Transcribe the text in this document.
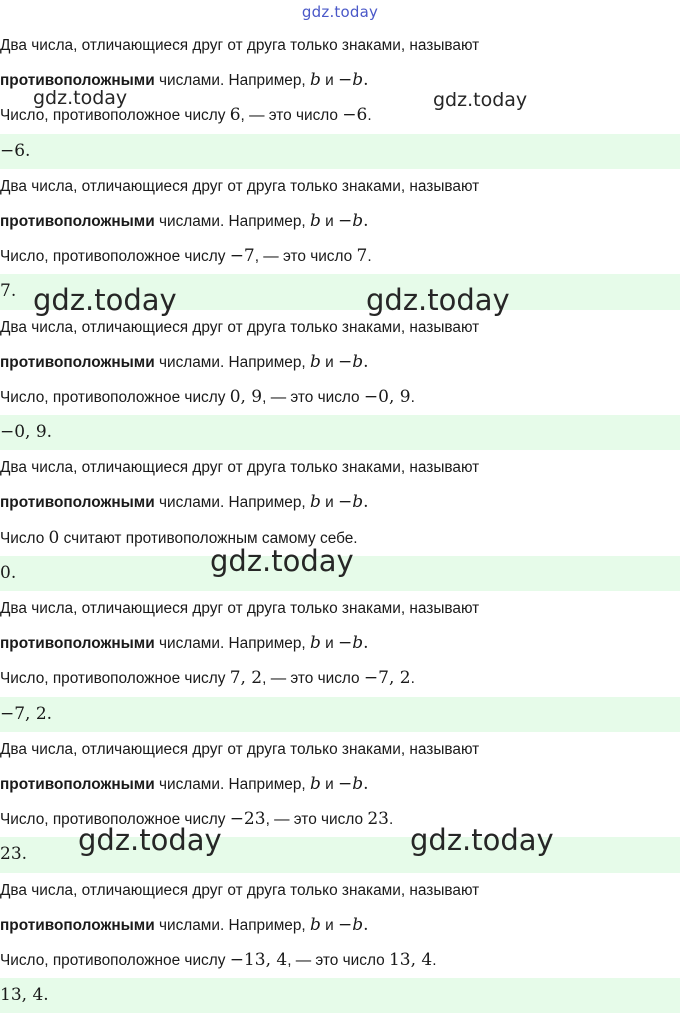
gdz.today
Два числа, отличающиеся друг от друга только знаками, называют
противоположными числами. Например, b и −b.
Число, противоположное числу 6, — это число −6.
−6.
Два числа, отличающиеся друг от друга только знаками, называют
противоположными числами. Например, b и −b.
Число, противоположное числу −7, — это число 7.
7.
Два числа, отличающиеся друг от друга только знаками, называют
противоположными числами. Например, b и −b.
Число, противоположное числу 0, 9, — это число −0, 9.
−0, 9.
Два числа, отличающиеся друг от друга только знаками, называют
противоположными числами. Например, b и −b.
Число 0 считают противоположным самому себе.
0.
Два числа, отличающиеся друг от друга только знаками, называют
противоположными числами. Например, b и −b.
Число, противоположное числу 7, 2, — это число −7, 2.
−7, 2.
Два числа, отличающиеся друг от друга только знаками, называют
противоположными числами. Например, b и −b.
Число, противоположное числу −23, — это число 23.
23.
Два числа, отличающиеся друг от друга только знаками, называют
противоположными числами. Например, b и −b.
Число, противоположное числу −13, 4, — это число 13, 4.
13, 4.
gdz.today	gdz.today
gdz.today	gdz.today
gdz.today
gdz.today	gdz.today
